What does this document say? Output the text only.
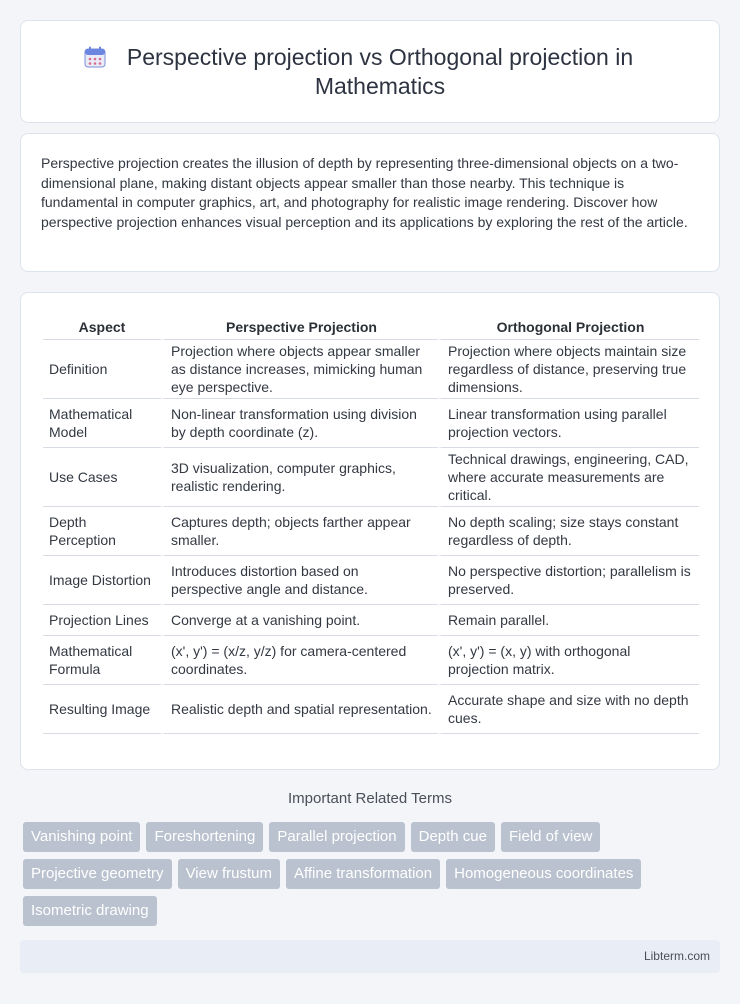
Perspective projection vs Orthogonal projection in Mathematics

Perspective projection creates the illusion of depth by representing three-dimensional objects on a two-dimensional plane, making distant objects appear smaller than those nearby. This technique is fundamental in computer graphics, art, and photography for realistic image rendering. Discover how perspective projection enhances visual perception and its applications by exploring the rest of the article.

Aspect	Perspective Projection	Orthogonal Projection
Definition	Projection where objects appear smaller as distance increases, mimicking human eye perspective.	Projection where objects maintain size regardless of distance, preserving true dimensions.
Mathematical Model	Non-linear transformation using division by depth coordinate (z).	Linear transformation using parallel projection vectors.
Use Cases	3D visualization, computer graphics, realistic rendering.	Technical drawings, engineering, CAD, where accurate measurements are critical.
Depth Perception	Captures depth; objects farther appear smaller.	No depth scaling; size stays constant regardless of depth.
Image Distortion	Introduces distortion based on perspective angle and distance.	No perspective distortion; parallelism is preserved.
Projection Lines	Converge at a vanishing point.	Remain parallel.
Mathematical Formula	(x', y') = (x/z, y/z) for camera-centered coordinates.	(x', y') = (x, y) with orthogonal projection matrix.
Resulting Image	Realistic depth and spatial representation.	Accurate shape and size with no depth cues.
Important Related Terms
Vanishing point	Foreshortening	Parallel projection	Depth cue	Field of view
Projective geometry	View frustum	Affine transformation	Homogeneous coordinates
Isometric drawing
Libterm.com
